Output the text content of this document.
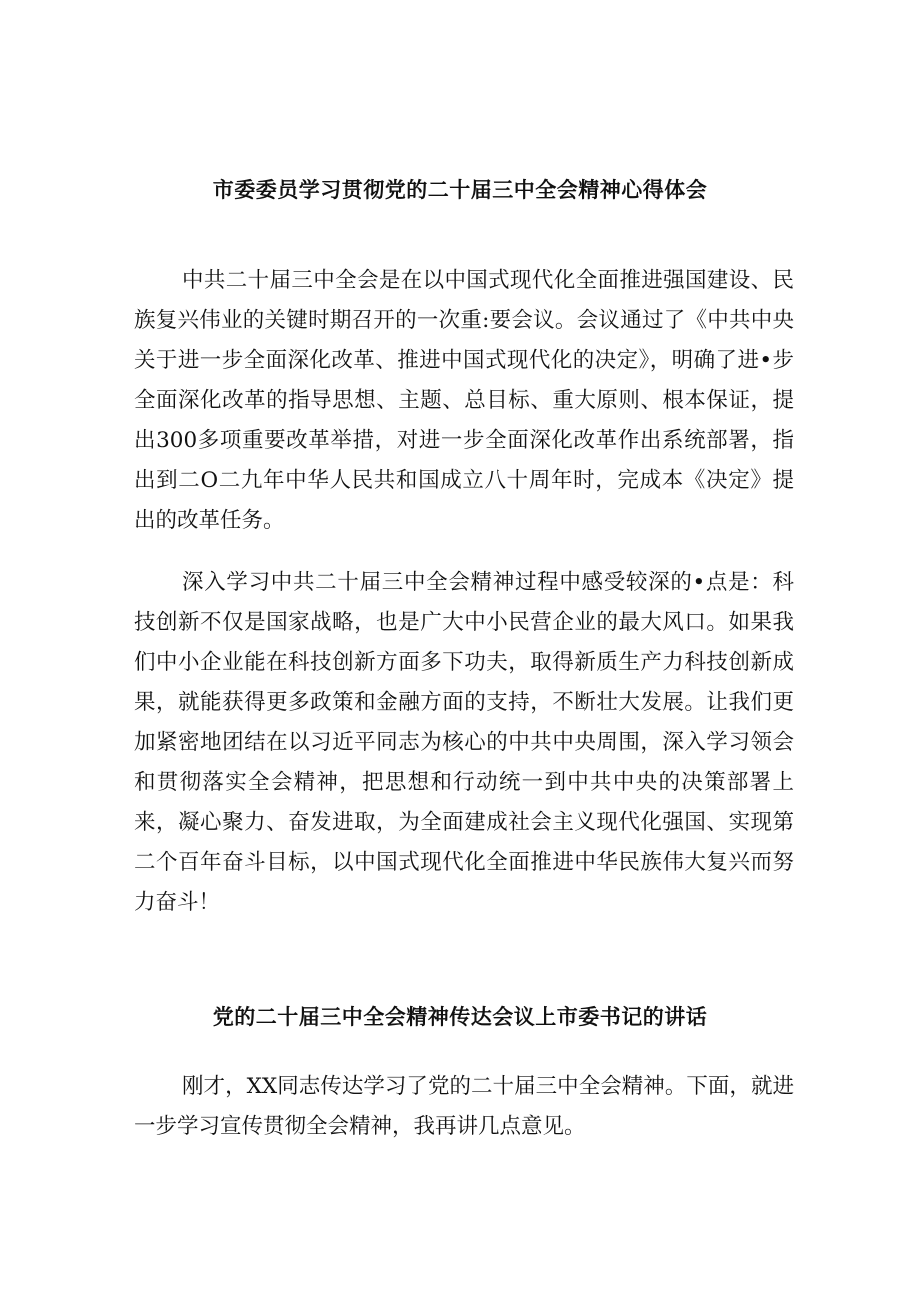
市委委员学习贯彻党的二十届三中全会精神心得体会

中共二十届三中全会是在以中国式现代化全面推进强国建设、民族复兴伟业的关键时期召开的一次重:要会议。会议通过了《中共中央关于进一步全面深化改革、推进中国式现代化的决定》，明确了进•步全面深化改革的指导思想、主题、总目标、重大原则、根本保证，提出300多项重要改革举措，对进一步全面深化改革作出系统部署，指出到二O二九年中华人民共和国成立八十周年时，完成本《决定》提出的改革任务。

深入学习中共二十届三中全会精神过程中感受较深的•点是：科技创新不仅是国家战略，也是广大中小民营企业的最大风口。如果我们中小企业能在科技创新方面多下功夫，取得新质生产力科技创新成果，就能获得更多政策和金融方面的支持，不断壮大发展。让我们更加紧密地团结在以习近平同志为核心的中共中央周围，深入学习领会和贯彻落实全会精神，把思想和行动统一到中共中央的决策部署上来，凝心聚力、奋发进取，为全面建成社会主义现代化强国、实现第二个百年奋斗目标，以中国式现代化全面推进中华民族伟大复兴而努力奋斗！

党的二十届三中全会精神传达会议上市委书记的讲话

刚才，XX同志传达学习了党的二十届三中全会精神。下面，就进一步学习宣传贯彻全会精神，我再讲几点意见。
